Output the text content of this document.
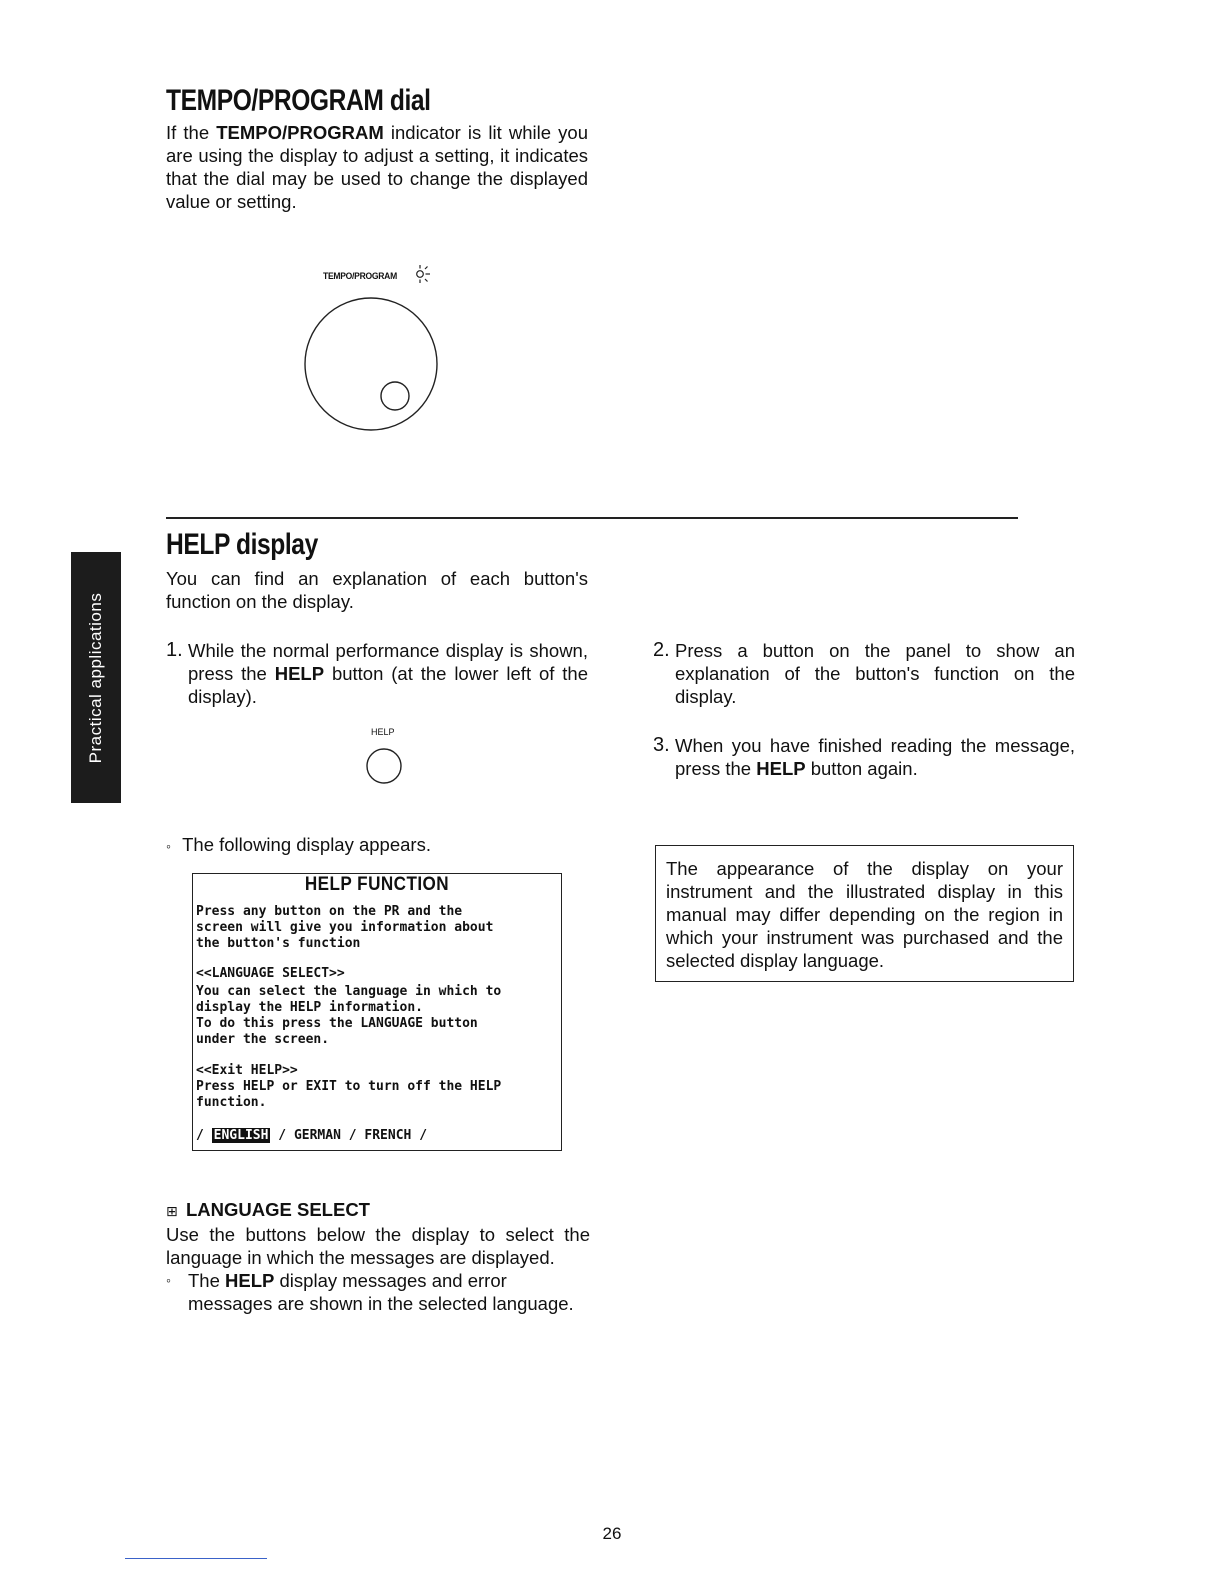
Practical applications
TEMPO/PROGRAM dial

If the TEMPO/PROGRAM indicator is lit while you are using the display to adjust a setting, it indicates that the dial may be used to change the displayed value or setting.

TEMPO/PROGRAM
HELP display

You can find an explanation of each button's function on the display.

1. While the normal performance display is shown, press the HELP button (at the lower left of the display).
HELP
2. Press a button on the panel to show an explanation of the button's function on the display.
3. When you have finished reading the message, press the HELP button again.
◦ The following display appears.
HELP FUNCTION
Press any button on the PR and the
screen will give you information about
the button's function
<<LANGUAGE SELECT>>
You can select the language in which to
display the HELP information.
To do this press the LANGUAGE button
under the screen.
<<Exit HELP>>
Press HELP or EXIT to turn off the HELP
function.
/ ENGLISH / GERMAN / FRENCH /

The appearance of the display on your instrument and the illustrated display in this manual may differ depending on the region in which your instrument was purchased and the selected display language.

⊞ LANGUAGE SELECT

Use the buttons below the display to select the language in which the messages are displayed.

◦ The HELP display messages and error messages are shown in the selected language.
26
